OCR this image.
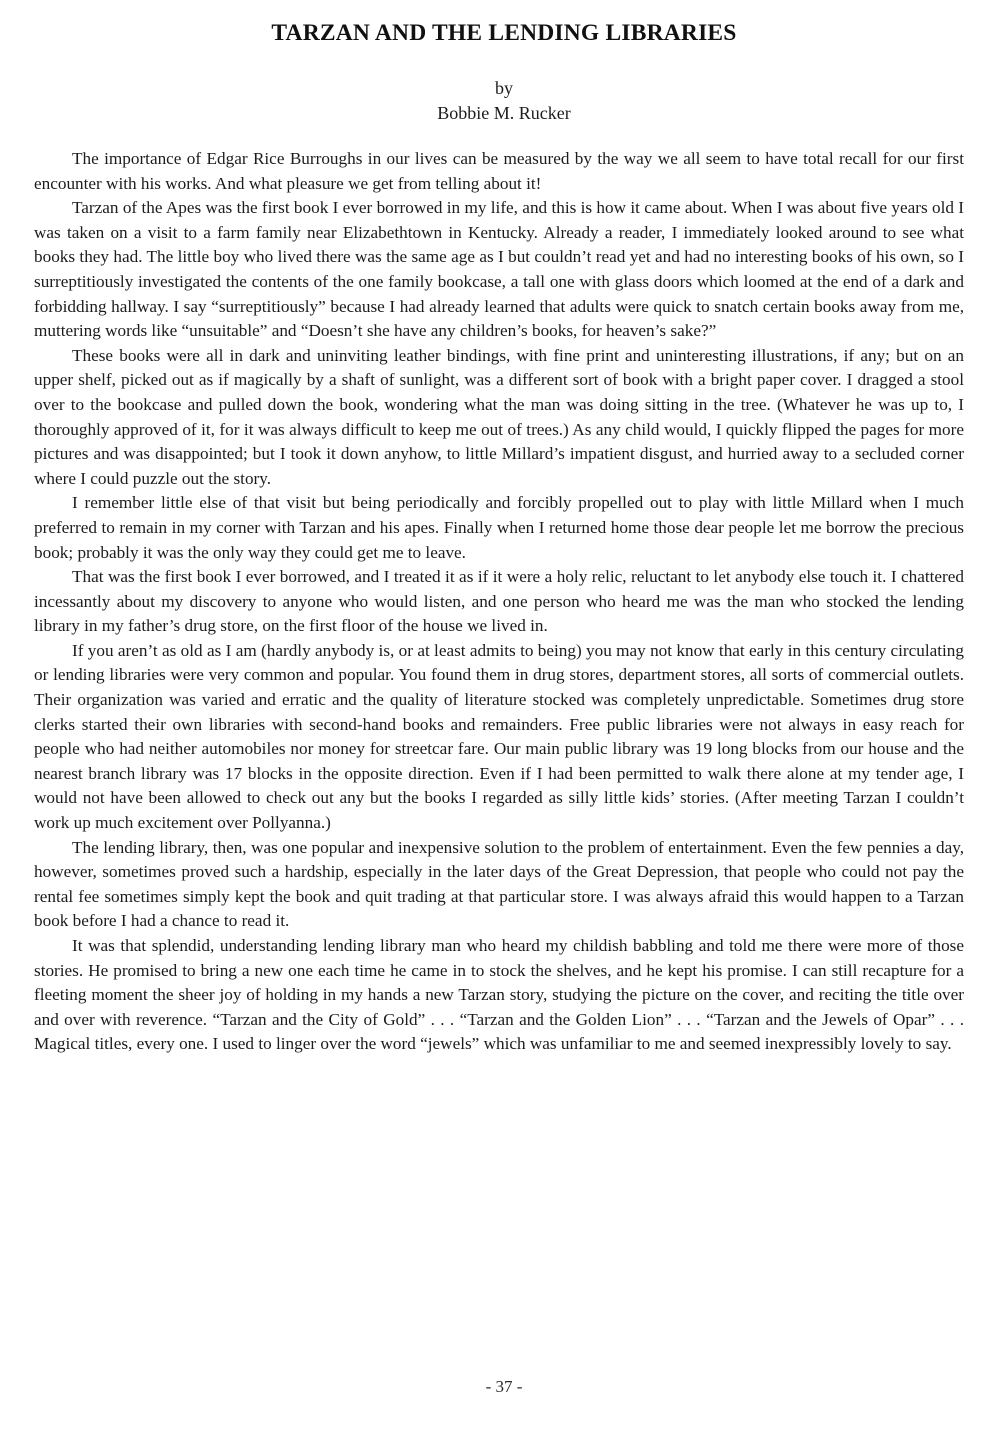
TARZAN AND THE LENDING LIBRARIES
by
Bobbie M. Rucker

The importance of Edgar Rice Burroughs in our lives can be measured by the way we all seem to have total recall for our first encounter with his works. And what pleasure we get from telling about it!

Tarzan of the Apes was the first book I ever borrowed in my life, and this is how it came about. When I was about five years old I was taken on a visit to a farm family near Elizabethtown in Kentucky. Already a reader, I immediately looked around to see what books they had. The little boy who lived there was the same age as I but couldn’t read yet and had no interesting books of his own, so I surreptitiously investigated the contents of the one family bookcase, a tall one with glass doors which loomed at the end of a dark and forbidding hallway. I say “surreptitiously” because I had already learned that adults were quick to snatch certain books away from me, muttering words like “unsuitable” and “Doesn’t she have any children’s books, for heaven’s sake?”

These books were all in dark and uninviting leather bindings, with fine print and uninteresting illustrations, if any; but on an upper shelf, picked out as if magically by a shaft of sunlight, was a different sort of book with a bright paper cover. I dragged a stool over to the bookcase and pulled down the book, wondering what the man was doing sitting in the tree. (Whatever he was up to, I thoroughly approved of it, for it was always difficult to keep me out of trees.) As any child would, I quickly flipped the pages for more pictures and was disappointed; but I took it down anyhow, to little Millard’s impatient disgust, and hurried away to a secluded corner where I could puzzle out the story.

I remember little else of that visit but being periodically and forcibly propelled out to play with little Millard when I much preferred to remain in my corner with Tarzan and his apes. Finally when I returned home those dear people let me borrow the precious book; probably it was the only way they could get me to leave.

That was the first book I ever borrowed, and I treated it as if it were a holy relic, reluctant to let anybody else touch it. I chattered incessantly about my discovery to anyone who would listen, and one person who heard me was the man who stocked the lending library in my father’s drug store, on the first floor of the house we lived in.

If you aren’t as old as I am (hardly anybody is, or at least admits to being) you may not know that early in this century circulating or lending libraries were very common and popular. You found them in drug stores, department stores, all sorts of commercial outlets. Their organization was varied and erratic and the quality of literature stocked was completely unpredictable. Sometimes drug store clerks started their own libraries with second-hand books and remainders. Free public libraries were not always in easy reach for people who had neither automobiles nor money for streetcar fare. Our main public library was 19 long blocks from our house and the nearest branch library was 17 blocks in the opposite direction. Even if I had been permitted to walk there alone at my tender age, I would not have been allowed to check out any but the books I regarded as silly little kids’ stories. (After meeting Tarzan I couldn’t work up much excitement over Pollyanna.)

The lending library, then, was one popular and inexpensive solution to the problem of entertainment. Even the few pennies a day, however, sometimes proved such a hardship, especially in the later days of the Great Depression, that people who could not pay the rental fee sometimes simply kept the book and quit trading at that particular store. I was always afraid this would happen to a Tarzan book before I had a chance to read it.

It was that splendid, understanding lending library man who heard my childish babbling and told me there were more of those stories. He promised to bring a new one each time he came in to stock the shelves, and he kept his promise. I can still recapture for a fleeting moment the sheer joy of holding in my hands a new Tarzan story, studying the picture on the cover, and reciting the title over and over with reverence. “Tarzan and the City of Gold” . . . “Tarzan and the Golden Lion” . . . “Tarzan and the Jewels of Opar” . . . Magical titles, every one. I used to linger over the word “jewels” which was unfamiliar to me and seemed inexpressibly lovely to say.

- 37 -
